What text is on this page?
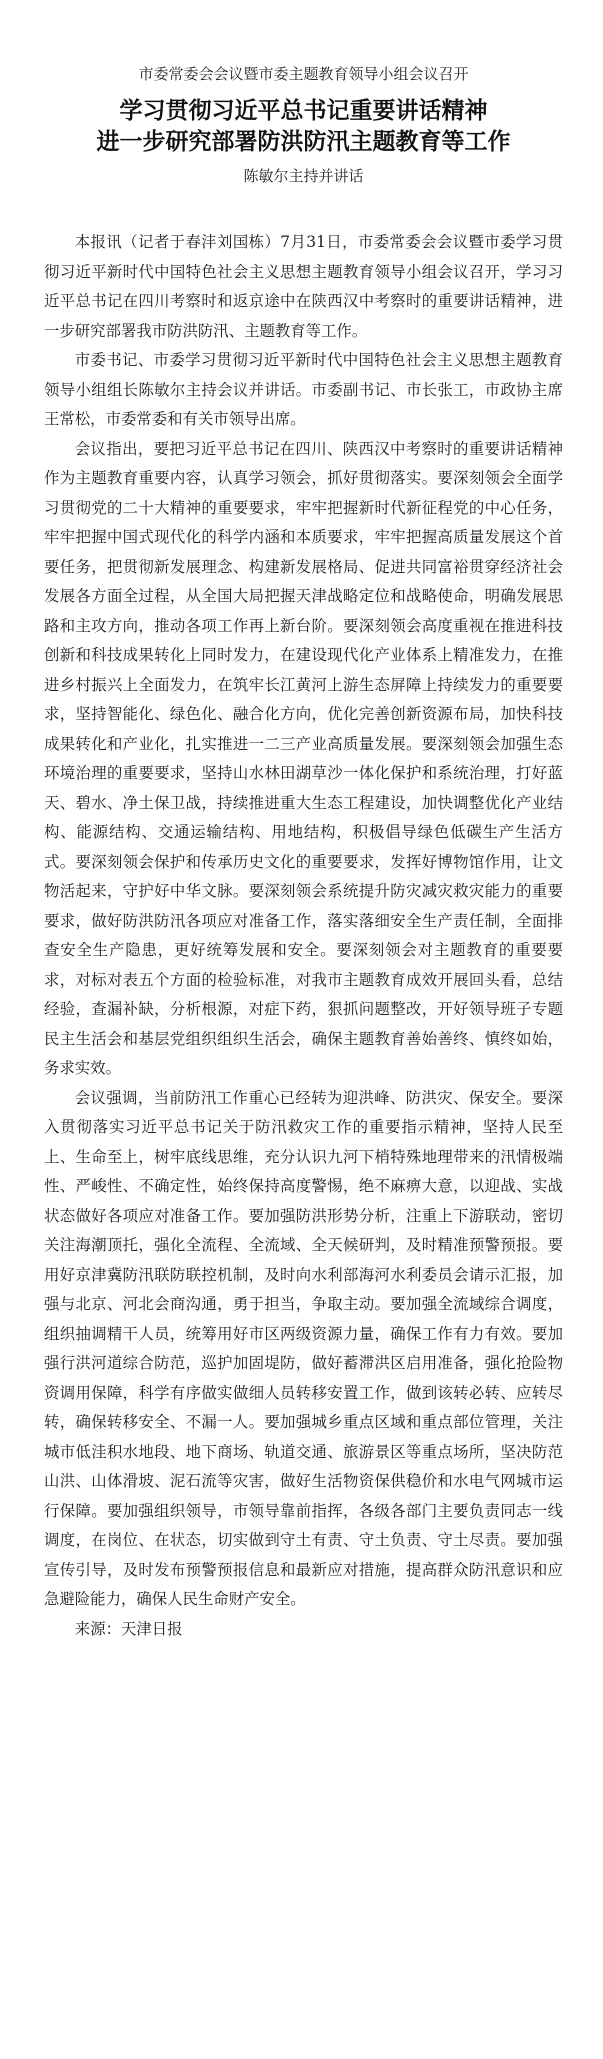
市委常委会会议暨市委主题教育领导小组会议召开

学习贯彻习近平总书记重要讲话精神
进一步研究部署防洪防汛主题教育等工作

陈敏尔主持并讲话

本报讯（记者于春沣刘国栋）7月31日，市委常委会会议暨市委学习贯彻习近平新时代中国特色社会主义思想主题教育领导小组会议召开，学习习近平总书记在四川考察时和返京途中在陕西汉中考察时的重要讲话精神，进一步研究部署我市防洪防汛、主题教育等工作。

市委书记、市委学习贯彻习近平新时代中国特色社会主义思想主题教育领导小组组长陈敏尔主持会议并讲话。市委副书记、市长张工，市政协主席王常松，市委常委和有关市领导出席。

会议指出，要把习近平总书记在四川、陕西汉中考察时的重要讲话精神作为主题教育重要内容，认真学习领会，抓好贯彻落实。要深刻领会全面学习贯彻党的二十大精神的重要要求，牢牢把握新时代新征程党的中心任务，牢牢把握中国式现代化的科学内涵和本质要求，牢牢把握高质量发展这个首要任务，把贯彻新发展理念、构建新发展格局、促进共同富裕贯穿经济社会发展各方面全过程，从全国大局把握天津战略定位和战略使命，明确发展思路和主攻方向，推动各项工作再上新台阶。要深刻领会高度重视在推进科技创新和科技成果转化上同时发力，在建设现代化产业体系上精准发力，在推进乡村振兴上全面发力，在筑牢长江黄河上游生态屏障上持续发力的重要要求，坚持智能化、绿色化、融合化方向，优化完善创新资源布局，加快科技成果转化和产业化，扎实推进一二三产业高质量发展。要深刻领会加强生态环境治理的重要要求，坚持山水林田湖草沙一体化保护和系统治理，打好蓝天、碧水、净土保卫战，持续推进重大生态工程建设，加快调整优化产业结构、能源结构、交通运输结构、用地结构，积极倡导绿色低碳生产生活方式。要深刻领会保护和传承历史文化的重要要求，发挥好博物馆作用，让文物活起来，守护好中华文脉。要深刻领会系统提升防灾减灾救灾能力的重要要求，做好防洪防汛各项应对准备工作，落实落细安全生产责任制，全面排查安全生产隐患，更好统筹发展和安全。要深刻领会对主题教育的重要要求，对标对表五个方面的检验标准，对我市主题教育成效开展回头看，总结经验，查漏补缺，分析根源，对症下药，狠抓问题整改，开好领导班子专题民主生活会和基层党组织组织生活会，确保主题教育善始善终、慎终如始，务求实效。

会议强调，当前防汛工作重心已经转为迎洪峰、防洪灾、保安全。要深入贯彻落实习近平总书记关于防汛救灾工作的重要指示精神，坚持人民至上、生命至上，树牢底线思维，充分认识九河下梢特殊地理带来的汛情极端性、严峻性、不确定性，始终保持高度警惕，绝不麻痹大意，以迎战、实战状态做好各项应对准备工作。要加强防洪形势分析，注重上下游联动，密切关注海潮顶托，强化全流程、全流域、全天候研判，及时精准预警预报。要用好京津冀防汛联防联控机制，及时向水利部海河水利委员会请示汇报，加强与北京、河北会商沟通，勇于担当，争取主动。要加强全流域综合调度，组织抽调精干人员，统筹用好市区两级资源力量，确保工作有力有效。要加强行洪河道综合防范，巡护加固堤防，做好蓄滞洪区启用准备，强化抢险物资调用保障，科学有序做实做细人员转移安置工作，做到该转必转、应转尽转，确保转移安全、不漏一人。要加强城乡重点区域和重点部位管理，关注城市低洼积水地段、地下商场、轨道交通、旅游景区等重点场所，坚决防范山洪、山体滑坡、泥石流等灾害，做好生活物资保供稳价和水电气网城市运行保障。要加强组织领导，市领导靠前指挥，各级各部门主要负责同志一线调度，在岗位、在状态，切实做到守土有责、守土负责、守土尽责。要加强宣传引导，及时发布预警预报信息和最新应对措施，提高群众防汛意识和应急避险能力，确保人民生命财产安全。

来源：天津日报
